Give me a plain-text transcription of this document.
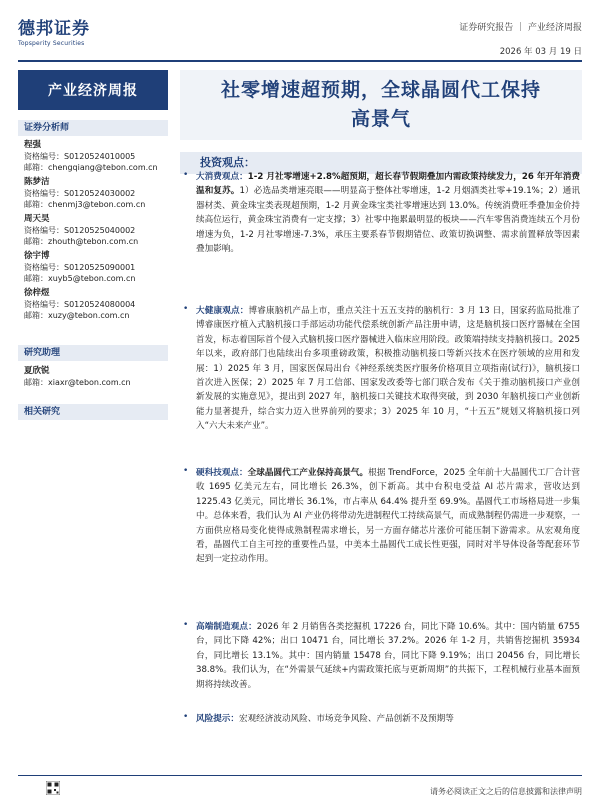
德邦证券
Topsperity Securities
证券研究报告 ｜ 产业经济周报
2026 年 03 月 19 日
产业经济周报
证券分析师
程强
资格编号：S0120524010005
邮箱：chengqiang@tebon.com.cn
陈梦洁
资格编号：S0120524030002
邮箱：chenmj3@tebon.com.cn
周天昊
资格编号：S0120525040002
邮箱：zhouth@tebon.com.cn
徐宇博
资格编号：S0120525090001
邮箱：xuyb5@tebon.com.cn
徐梓煜
资格编号：S0120524080004
邮箱：xuzy@tebon.com.cn
研究助理
夏欣锐
邮箱：xiaxr@tebon.com.cn
相关研究
社零增速超预期，全球晶圆代工保持
高景气
投资观点：
• 大消费观点：1-2 月社零增速+2.8%超预期，超长春节假期叠加内需政策持续发力，26 年开年消费温和复苏。1）必选品类增速亮眼——明显高于整体社零增速，1-2 月烟酒类社零+19.1%；2）通讯器材类、黄金珠宝类表现超预期，1-2 月黄金珠宝类社零增速达到 13.0%。传统消费旺季叠加金价持续高位运行，黄金珠宝消费有一定支撑；3）社零中拖累最明显的板块——汽车零售消费连续五个月份增速为负，1-2 月社零增速-7.3%，承压主要系春节假期错位、政策切换调整、需求前置释放等因素叠加影响。
• 大健康观点：博睿康脑机产品上市，重点关注十五五支持的脑机行：3 月 13 日，国家药监局批准了博睿康医疗植入式脑机接口手部运动功能代偿系统创新产品注册申请，这是脑机接口医疗器械在全国首发，标志着国际首个侵入式脑机接口医疗器械进入临床应用阶段。政策端持续支持脑机接口。2025 年以来，政府部门也陆续出台多项重磅政策，积极推动脑机接口等新兴技术在医疗领域的应用和发展：1）2025 年 3 月，国家医保局出台《神经系统类医疗服务价格项目立项指南(试行)》，脑机接口首次进入医保；2）2025 年 7 月工信部、国家发改委等七部门联合发布《关于推动脑机接口产业创新发展的实施意见》，提出到 2027 年，脑机接口关键技术取得突破，到 2030 年脑机接口产业创新能力显著提升，综合实力迈入世界前列的要求；3）2025 年 10 月，“十五五”规划又将脑机接口列入“六大未来产业”。
• 硬科技观点：全球晶圆代工产业保持高景气。根据 TrendForce，2025 全年前十大晶圆代工厂合计营收 1695 亿美元左右，同比增长 26.3%，创下新高。其中台积电受益 AI 芯片需求，营收达到 1225.43 亿美元，同比增长 36.1%，市占率从 64.4% 提升至 69.9%。晶圆代工市场格局进一步集中。总体来看，我们认为 AI 产业仍将带动先进制程代工持续高景气，而成熟制程仍需进一步观察，一方面供应格局变化使得成熟制程需求增长，另一方面存储芯片涨价可能压制下游需求。从宏观角度看，晶圆代工自主可控的重要性凸显，中美本土晶圆代工成长性更强，同时对半导体设备等配套环节起到一定拉动作用。
• 高端制造观点：2026 年 2 月销售各类挖掘机 17226 台，同比下降 10.6%。其中：国内销量 6755 台，同比下降 42%；出口 10471 台，同比增长 37.2%。2026 年 1-2 月，共销售挖掘机 35934 台，同比增长 13.1%。其中：国内销量 15478 台，同比下降 9.19%；出口 20456 台，同比增长 38.8%。我们认为，在“外需景气延续+内需政策托底与更新周期”的共振下，工程机械行业基本面预期将持续改善。
• 风险提示：宏观经济波动风险、市场竞争风险、产品创新不及预期等
请务必阅读正文之后的信息披露和法律声明
